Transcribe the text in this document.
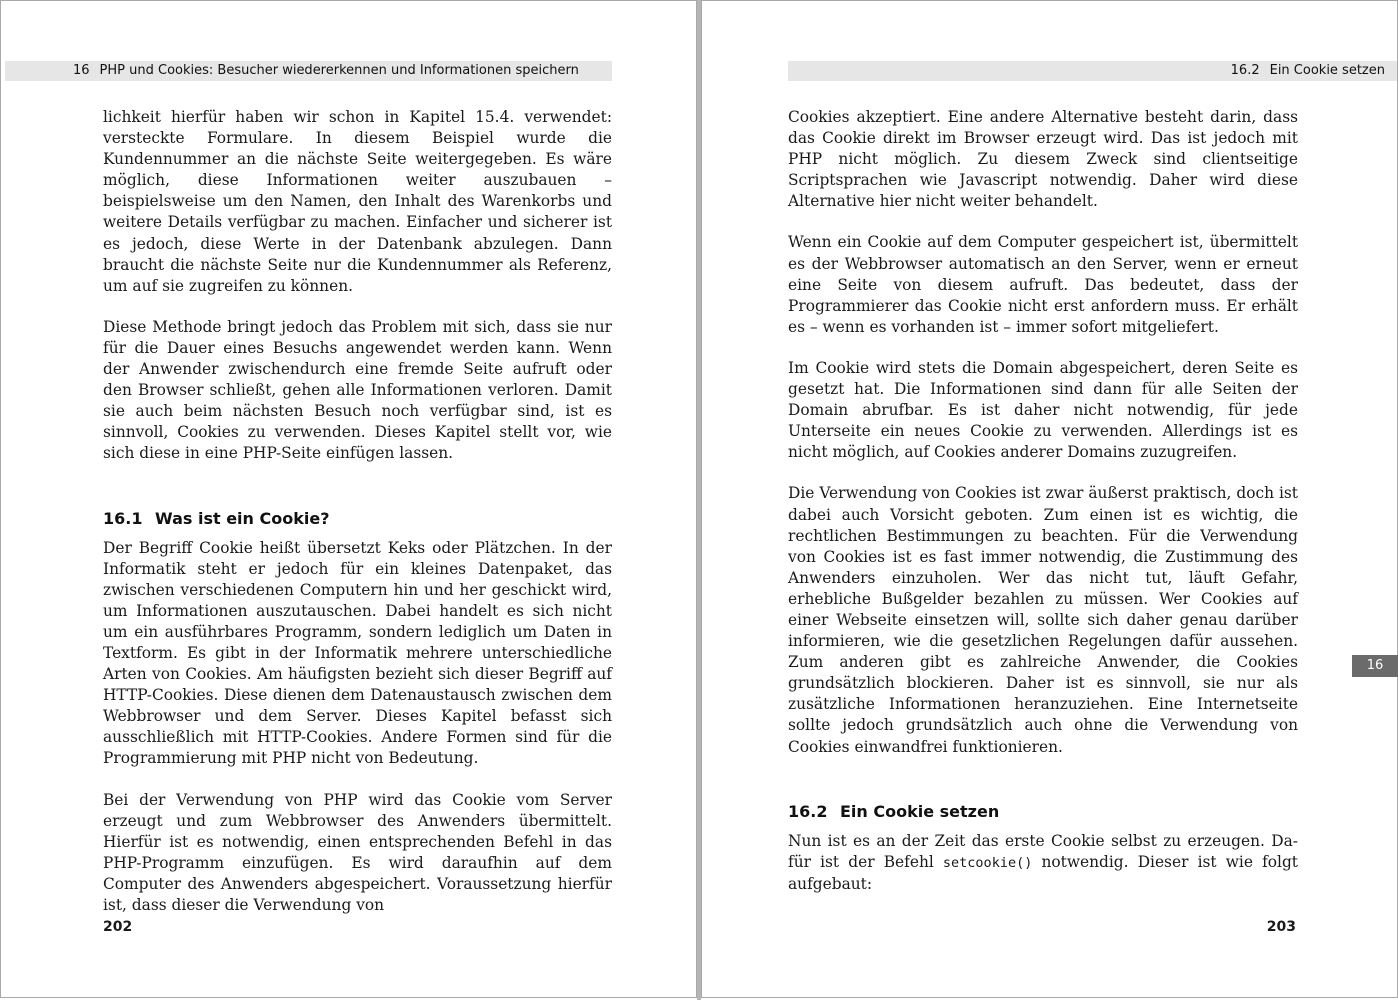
16 PHP und Cookies: Besucher wiedererkennen und Informationen speichern

lichkeit hierfür haben wir schon in Kapitel 15.4. verwendet: versteckte Formulare. In diesem Beispiel wurde die Kundennummer an die nächste Seite weitergegeben. Es wäre möglich, diese Informationen weiter auszubauen – beispielsweise um den Namen, den Inhalt des Warenkorbs und weitere Details verfügbar zu machen. Einfacher und sicherer ist es jedoch, diese Werte in der Datenbank abzulegen. Dann braucht die nächste Seite nur die Kundennummer als Referenz, um auf sie zugreifen zu können.

Diese Methode bringt jedoch das Problem mit sich, dass sie nur für die Dauer eines Besuchs angewendet werden kann. Wenn der Anwender zwischendurch eine fremde Seite aufruft oder den Browser schließt, gehen alle Informationen verloren. Damit sie auch beim nächsten Besuch noch verfügbar sind, ist es sinnvoll, Cookies zu verwenden. Dieses Kapitel stellt vor, wie sich diese in eine PHP-Seite einfügen lassen.

16.1 Was ist ein Cookie?

Der Begriff Cookie heißt übersetzt Keks oder Plätzchen. In der Informatik steht er jedoch für ein kleines Datenpaket, das zwischen verschiedenen Computern hin und her geschickt wird, um Informationen auszutauschen. Dabei handelt es sich nicht um ein ausführbares Programm, sondern lediglich um Daten in Textform. Es gibt in der Informatik mehrere unterschiedliche Arten von Cookies. Am häufigsten bezieht sich dieser Begriff auf HTTP-Cookies. Diese dienen dem Datenaustausch zwischen dem Webbrowser und dem Server. Dieses Kapitel befasst sich ausschließlich mit HTTP-Cookies. Andere Formen sind für die Programmierung mit PHP nicht von Bedeutung.

Bei der Verwendung von PHP wird das Cookie vom Server erzeugt und zum Webbrowser des Anwenders übermittelt. Hierfür ist es notwendig, einen entsprechenden Befehl in das PHP-Programm einzufügen. Es wird daraufhin auf dem Computer des Anwenders abgespeichert. Voraussetzung hierfür ist, dass dieser die Verwendung von

202
16.2 Ein Cookie setzen

Cookies akzeptiert. Eine andere Alternative besteht darin, dass das Cookie direkt im Browser erzeugt wird. Das ist jedoch mit PHP nicht möglich. Zu diesem Zweck sind clientseitige Scriptsprachen wie Javascript notwendig. Daher wird diese Alternative hier nicht weiter behandelt.

Wenn ein Cookie auf dem Computer gespeichert ist, übermittelt es der Webbrowser automatisch an den Server, wenn er erneut eine Seite von diesem aufruft. Das bedeutet, dass der Programmierer das Cookie nicht erst anfordern muss. Er erhält es – wenn es vorhanden ist – immer sofort mitgeliefert.

Im Cookie wird stets die Domain abgespeichert, deren Seite es gesetzt hat. Die Informationen sind dann für alle Seiten der Domain abrufbar. Es ist daher nicht notwendig, für jede Unterseite ein neues Cookie zu verwenden. Allerdings ist es nicht möglich, auf Cookies anderer Domains zuzugreifen.

Die Verwendung von Cookies ist zwar äußerst praktisch, doch ist dabei auch Vorsicht geboten. Zum einen ist es wichtig, die rechtlichen Bestimmungen zu beachten. Für die Verwendung von Cookies ist es fast immer notwendig, die Zustimmung des Anwenders einzuholen. Wer das nicht tut, läuft Gefahr, erhebliche Bußgelder bezahlen zu müssen. Wer Cookies auf einer Webseite einsetzen will, sollte sich daher genau darüber informieren, wie die gesetzlichen Regelungen dafür aussehen. Zum anderen gibt es zahlreiche Anwender, die Cookies grundsätzlich blockieren. Daher ist es sinnvoll, sie nur als zusätzliche Informationen heranzuziehen. Eine Internetseite sollte jedoch grundsätzlich auch ohne die Verwendung von Cookies einwandfrei funktionieren.

16.2 Ein Cookie setzen

Nun ist es an der Zeit das erste Cookie selbst zu erzeugen. Dafür ist der Befehl setcookie() notwendig. Dieser ist wie folgt aufgebaut:

16
203
